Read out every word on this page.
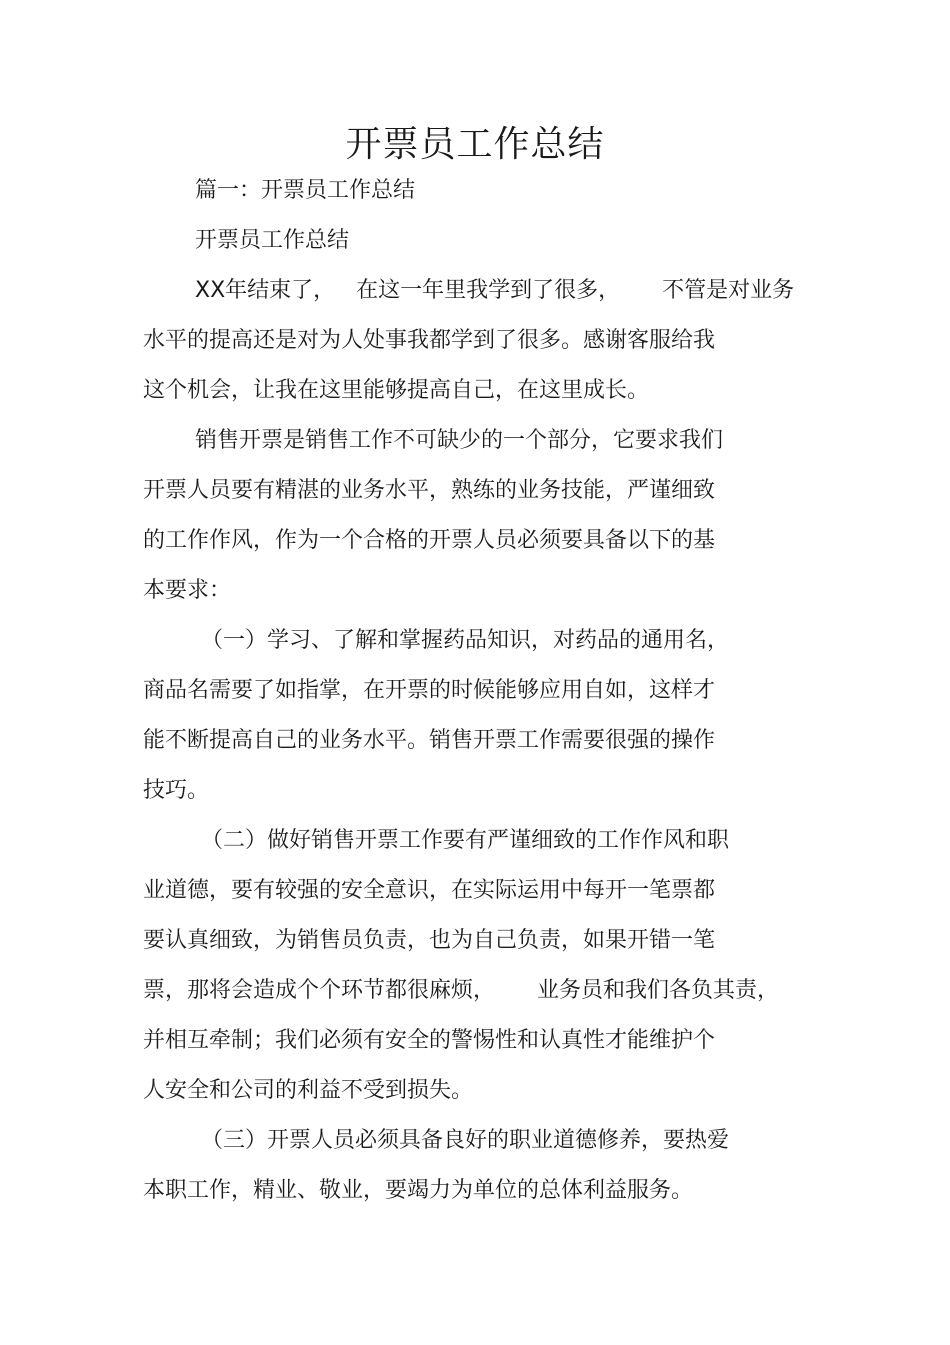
开票员工作总结

篇一：开票员工作总结

开票员工作总结

XX年结束了，   在这一年里我学到了很多，      不管是对业务

水平的提高还是对为人处事我都学到了很多。感谢客服给我

这个机会，让我在这里能够提高自己，在这里成长。

销售开票是销售工作不可缺少的一个部分，它要求我们

开票人员要有精湛的业务水平，熟练的业务技能，严谨细致

的工作作风，作为一个合格的开票人员必须要具备以下的基

本要求：

（一）学习、了解和掌握药品知识，对药品的通用名，

商品名需要了如指掌，在开票的时候能够应用自如，这样才

能不断提高自己的业务水平。销售开票工作需要很强的操作

技巧。

（二）做好销售开票工作要有严谨细致的工作作风和职

业道德，要有较强的安全意识，在实际运用中每开一笔票都

要认真细致，为销售员负责，也为自己负责，如果开错一笔

票，那将会造成个个环节都很麻烦，      业务员和我们各负其责，

并相互牵制；我们必须有安全的警惕性和认真性才能维护个

人安全和公司的利益不受到损失。

（三）开票人员必须具备良好的职业道德修养，要热爱

本职工作，精业、敬业，要竭力为单位的总体利益服务。
